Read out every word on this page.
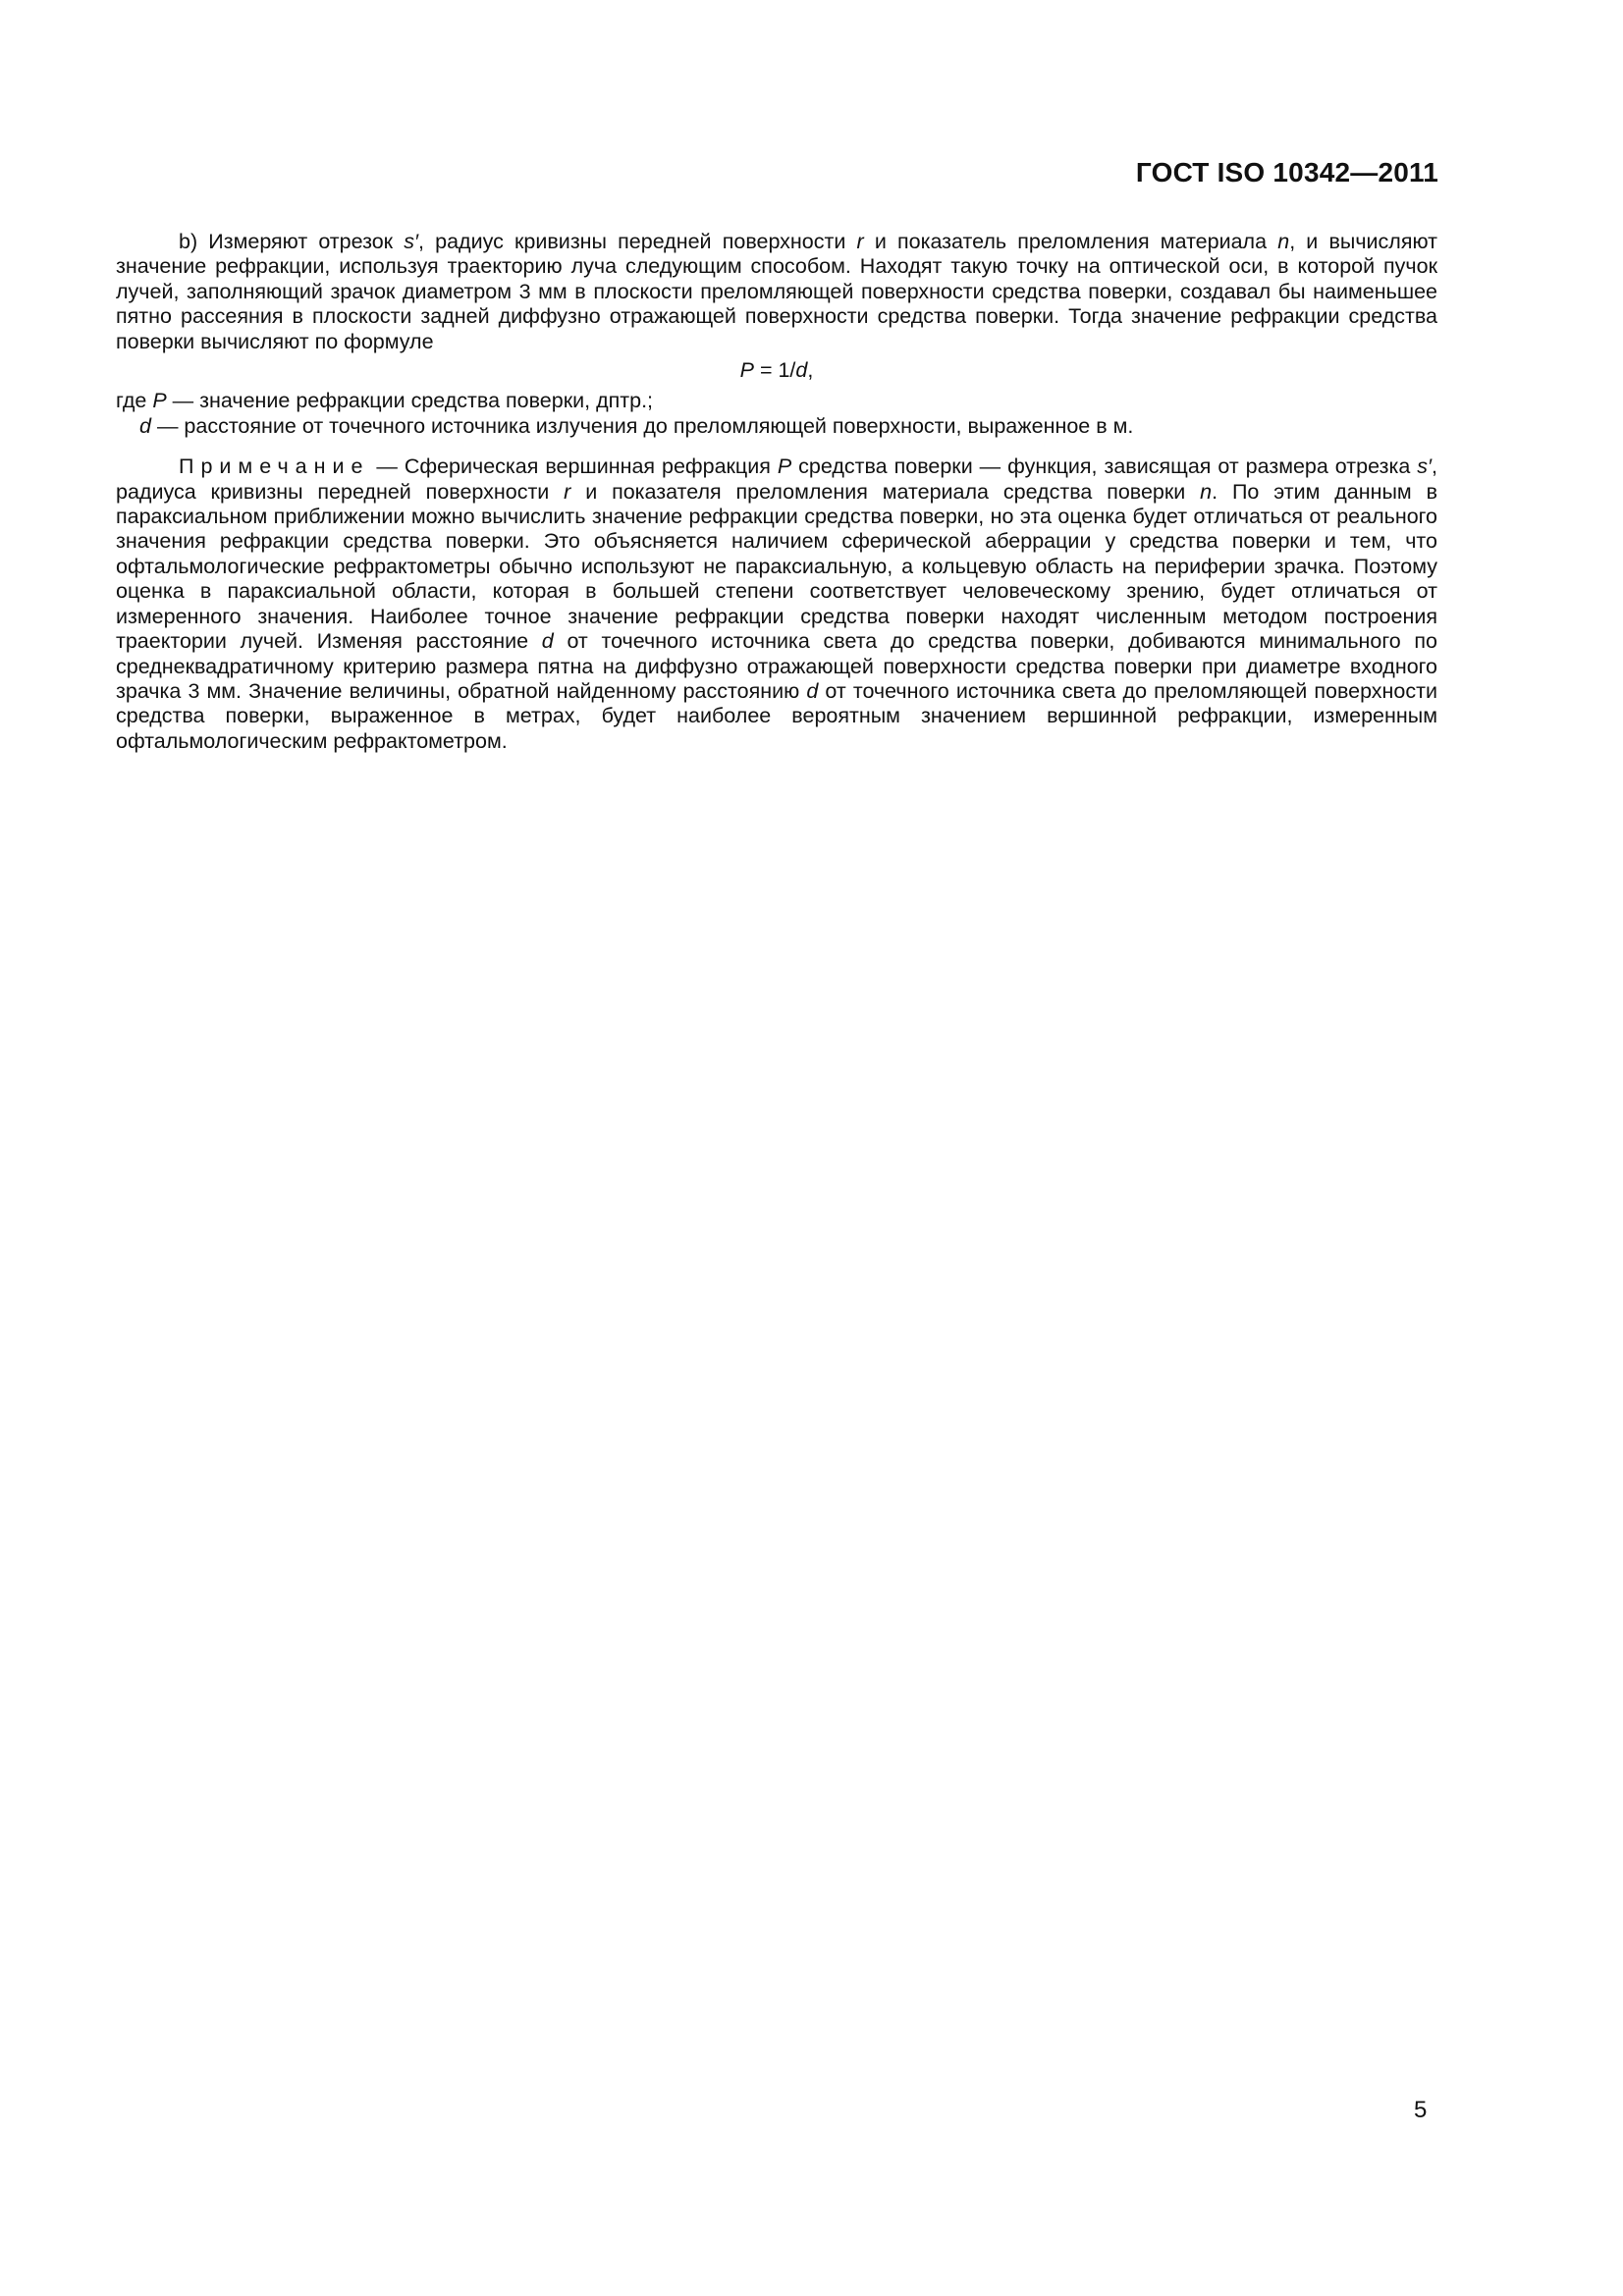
ГОСТ ISO 10342—2011

b) Измеряют отрезок s′, радиус кривизны передней поверхности r и показатель преломления материала n, и вычисляют значение рефракции, используя траекторию луча следующим способом. Находят такую точку на оптической оси, в которой пучок лучей, заполняющий зрачок диаметром 3 мм в плоскости преломляющей поверхности средства поверки, создавал бы наименьшее пятно рассеяния в плоскости задней диффузно отражающей поверхности средства поверки. Тогда значение рефракции средства поверки вычисляют по формуле

P = 1/d,
где P — значение рефракции средства поверки, дптр.;
d — расстояние от точечного источника излучения до преломляющей поверхности, выраженное в м.

Примечание — Сферическая вершинная рефракция P средства поверки — функция, зависящая от размера отрезка s′, радиуса кривизны передней поверхности r и показателя преломления материала средства поверки n. По этим данным в параксиальном приближении можно вычислить значение рефракции средства поверки, но эта оценка будет отличаться от реального значения рефракции средства поверки. Это объясняется наличием сферической аберрации у средства поверки и тем, что офтальмологические рефрактометры обычно используют не параксиальную, а кольцевую область на периферии зрачка. Поэтому оценка в параксиальной области, которая в большей степени соответствует человеческому зрению, будет отличаться от измеренного значения. Наиболее точное значение рефракции средства поверки находят численным методом построения траектории лучей. Изменяя расстояние d от точечного источника света до средства поверки, добиваются минимального по среднеквадратичному критерию размера пятна на диффузно отражающей поверхности средства поверки при диаметре входного зрачка 3 мм. Значение величины, обратной найденному расстоянию d от точечного источника света до преломляющей поверхности средства поверки, выраженное в метрах, будет наиболее вероятным значением вершинной рефракции, измеренным офтальмологическим рефрактометром.

5
